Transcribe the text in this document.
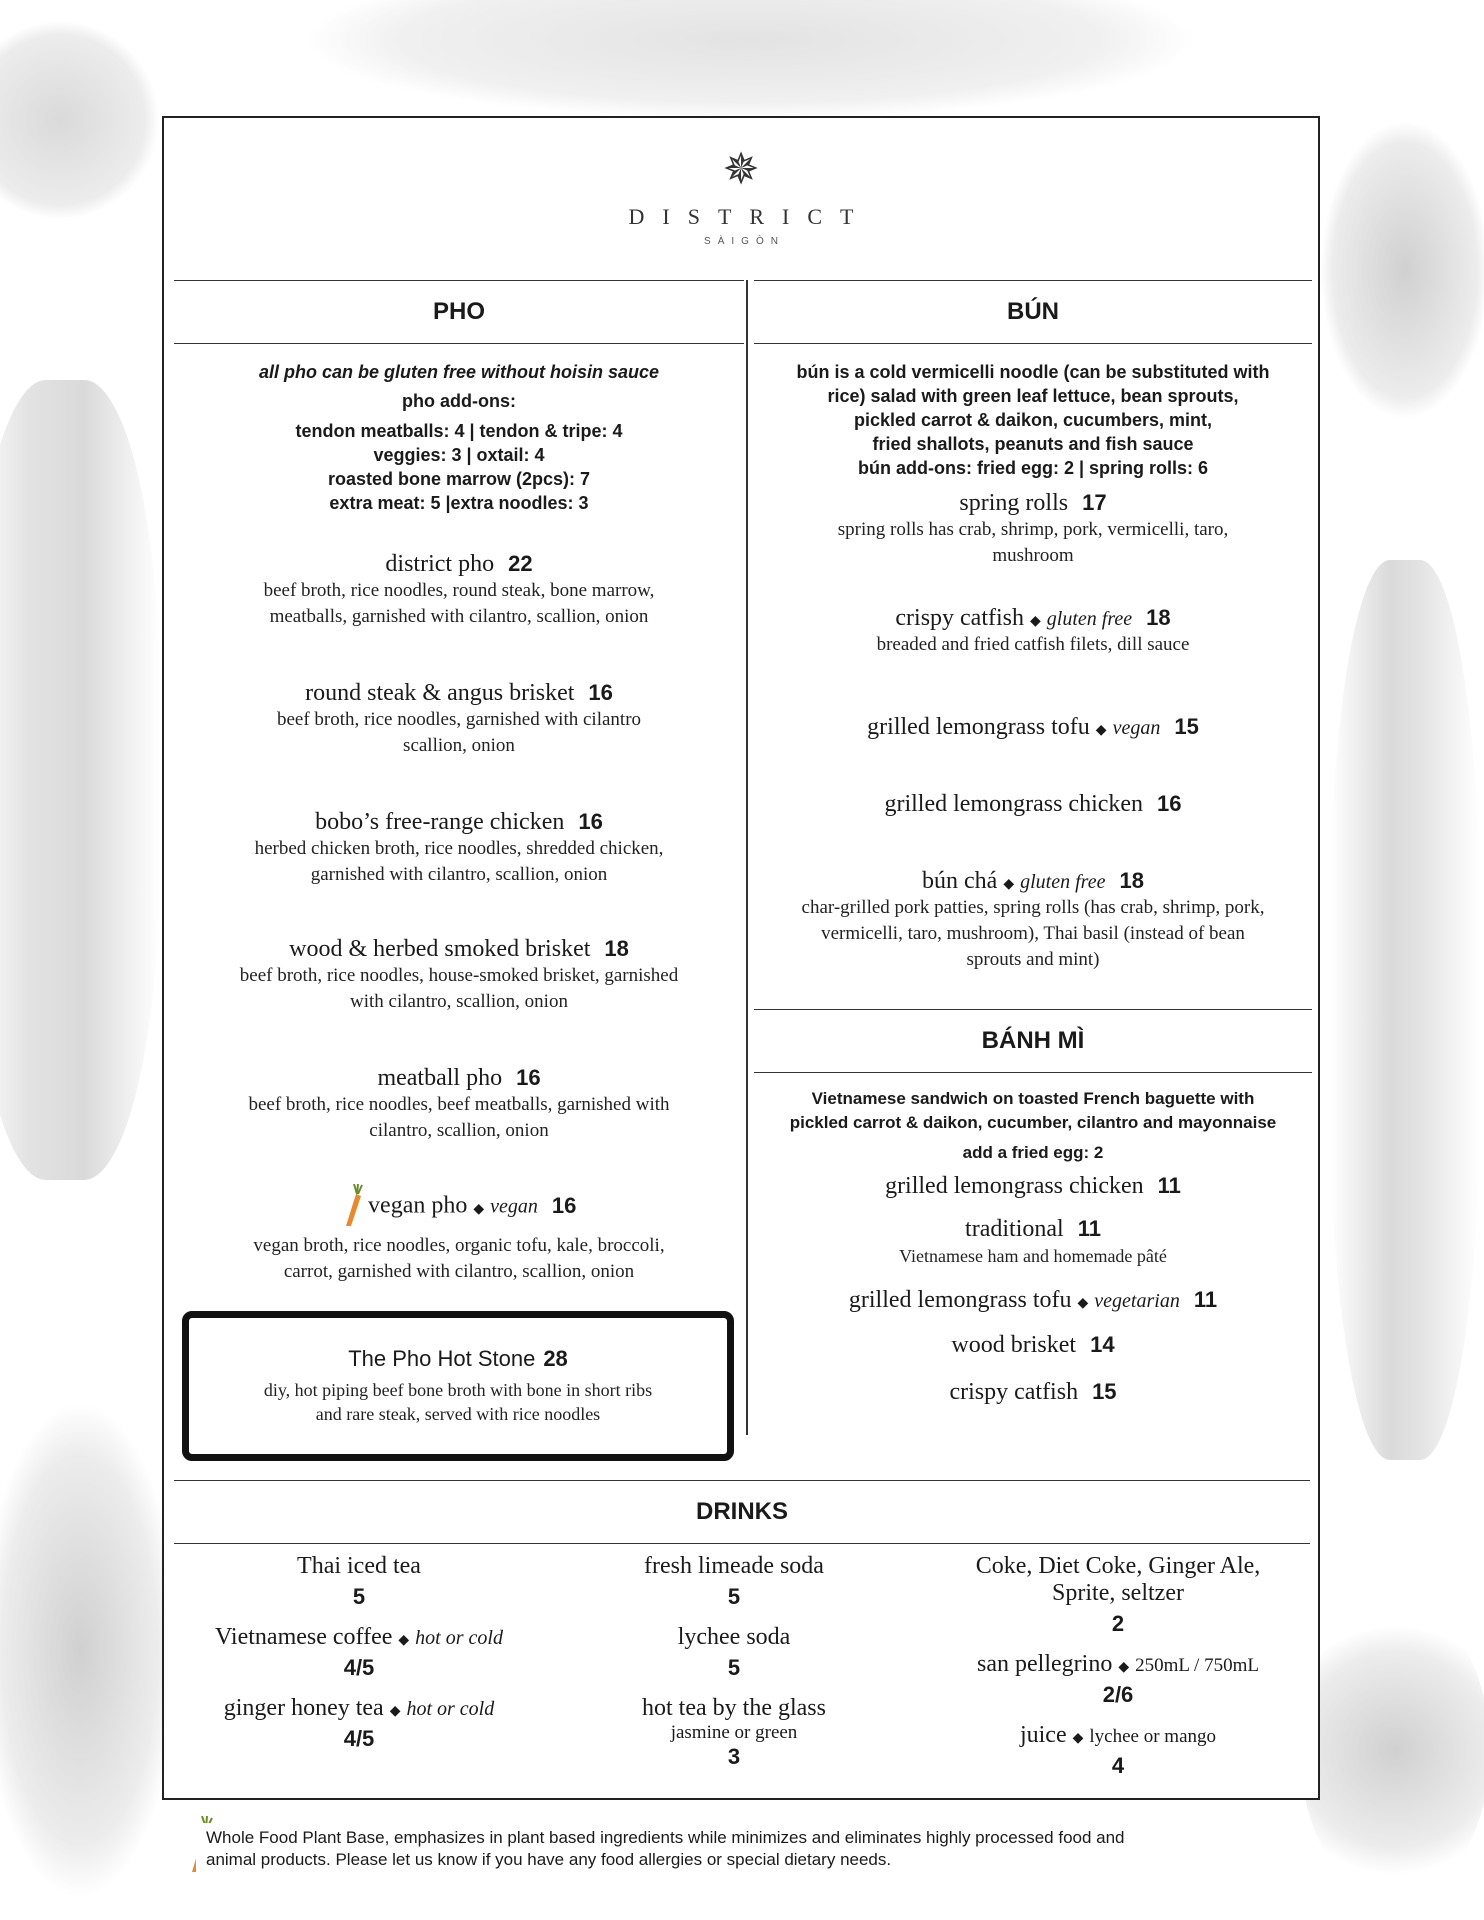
✵
DISTRICT
SÀIGÒN
PHO
all pho can be gluten free without hoisin sauce
pho add-ons:
tendon meatballs: 4 | tendon & tripe: 4
veggies: 3 | oxtail: 4
roasted bone marrow (2pcs): 7
extra meat: 5 |extra noodles: 3
district pho 22
beef broth, rice noodles, round steak, bone marrow,
meatballs, garnished with cilantro, scallion, onion
round steak & angus brisket 16
beef broth, rice noodles, garnished with cilantro
scallion, onion
bobo’s free-range chicken 16
herbed chicken broth, rice noodles, shredded chicken,
garnished with cilantro, scallion, onion
wood & herbed smoked brisket 18
beef broth, rice noodles, house-smoked brisket, garnished
with cilantro, scallion, onion
meatball pho 16
beef broth, rice noodles, beef meatballs, garnished with
cilantro, scallion, onion
vegan pho ◆ vegan 16
vegan broth, rice noodles, organic tofu, kale, broccoli,
carrot, garnished with cilantro, scallion, onion
The Pho Hot Stone 28
diy, hot piping beef bone broth with bone in short ribs
and rare steak, served with rice noodles
BÚN
bún is a cold vermicelli noodle (can be substituted with
rice) salad with green leaf lettuce, bean sprouts,
pickled carrot & daikon, cucumbers, mint,
fried shallots, peanuts and fish sauce
bún add-ons: fried egg: 2 | spring rolls: 6
spring rolls 17
spring rolls has crab, shrimp, pork, vermicelli, taro,
mushroom
crispy catfish ◆ gluten free 18
breaded and fried catfish filets, dill sauce
grilled lemongrass tofu ◆ vegan 15
grilled lemongrass chicken 16
bún chá ◆ gluten free 18
char-grilled pork patties, spring rolls (has crab, shrimp, pork,
vermicelli, taro, mushroom), Thai basil (instead of bean
sprouts and mint)
BÁNH MÌ
Vietnamese sandwich on toasted French baguette with
pickled carrot & daikon, cucumber, cilantro and mayonnaise
add a fried egg: 2
grilled lemongrass chicken 11
traditional 11
Vietnamese ham and homemade pâté
grilled lemongrass tofu ◆ vegetarian 11
wood brisket 14
crispy catfish 15
DRINKS
Thai iced tea
5
Vietnamese coffee ◆ hot or cold
4/5
ginger honey tea ◆ hot or cold
4/5
fresh limeade soda
5
lychee soda
5
hot tea by the glass
jasmine or green
3
Coke, Diet Coke, Ginger Ale,
Sprite, seltzer
2
san pellegrino ◆ 250mL / 750mL
2/6
juice ◆ lychee or mango
4
Whole Food Plant Base, emphasizes in plant based ingredients while minimizes and eliminates highly processed food and
animal products. Please let us know if you have any food allergies or special dietary needs.
